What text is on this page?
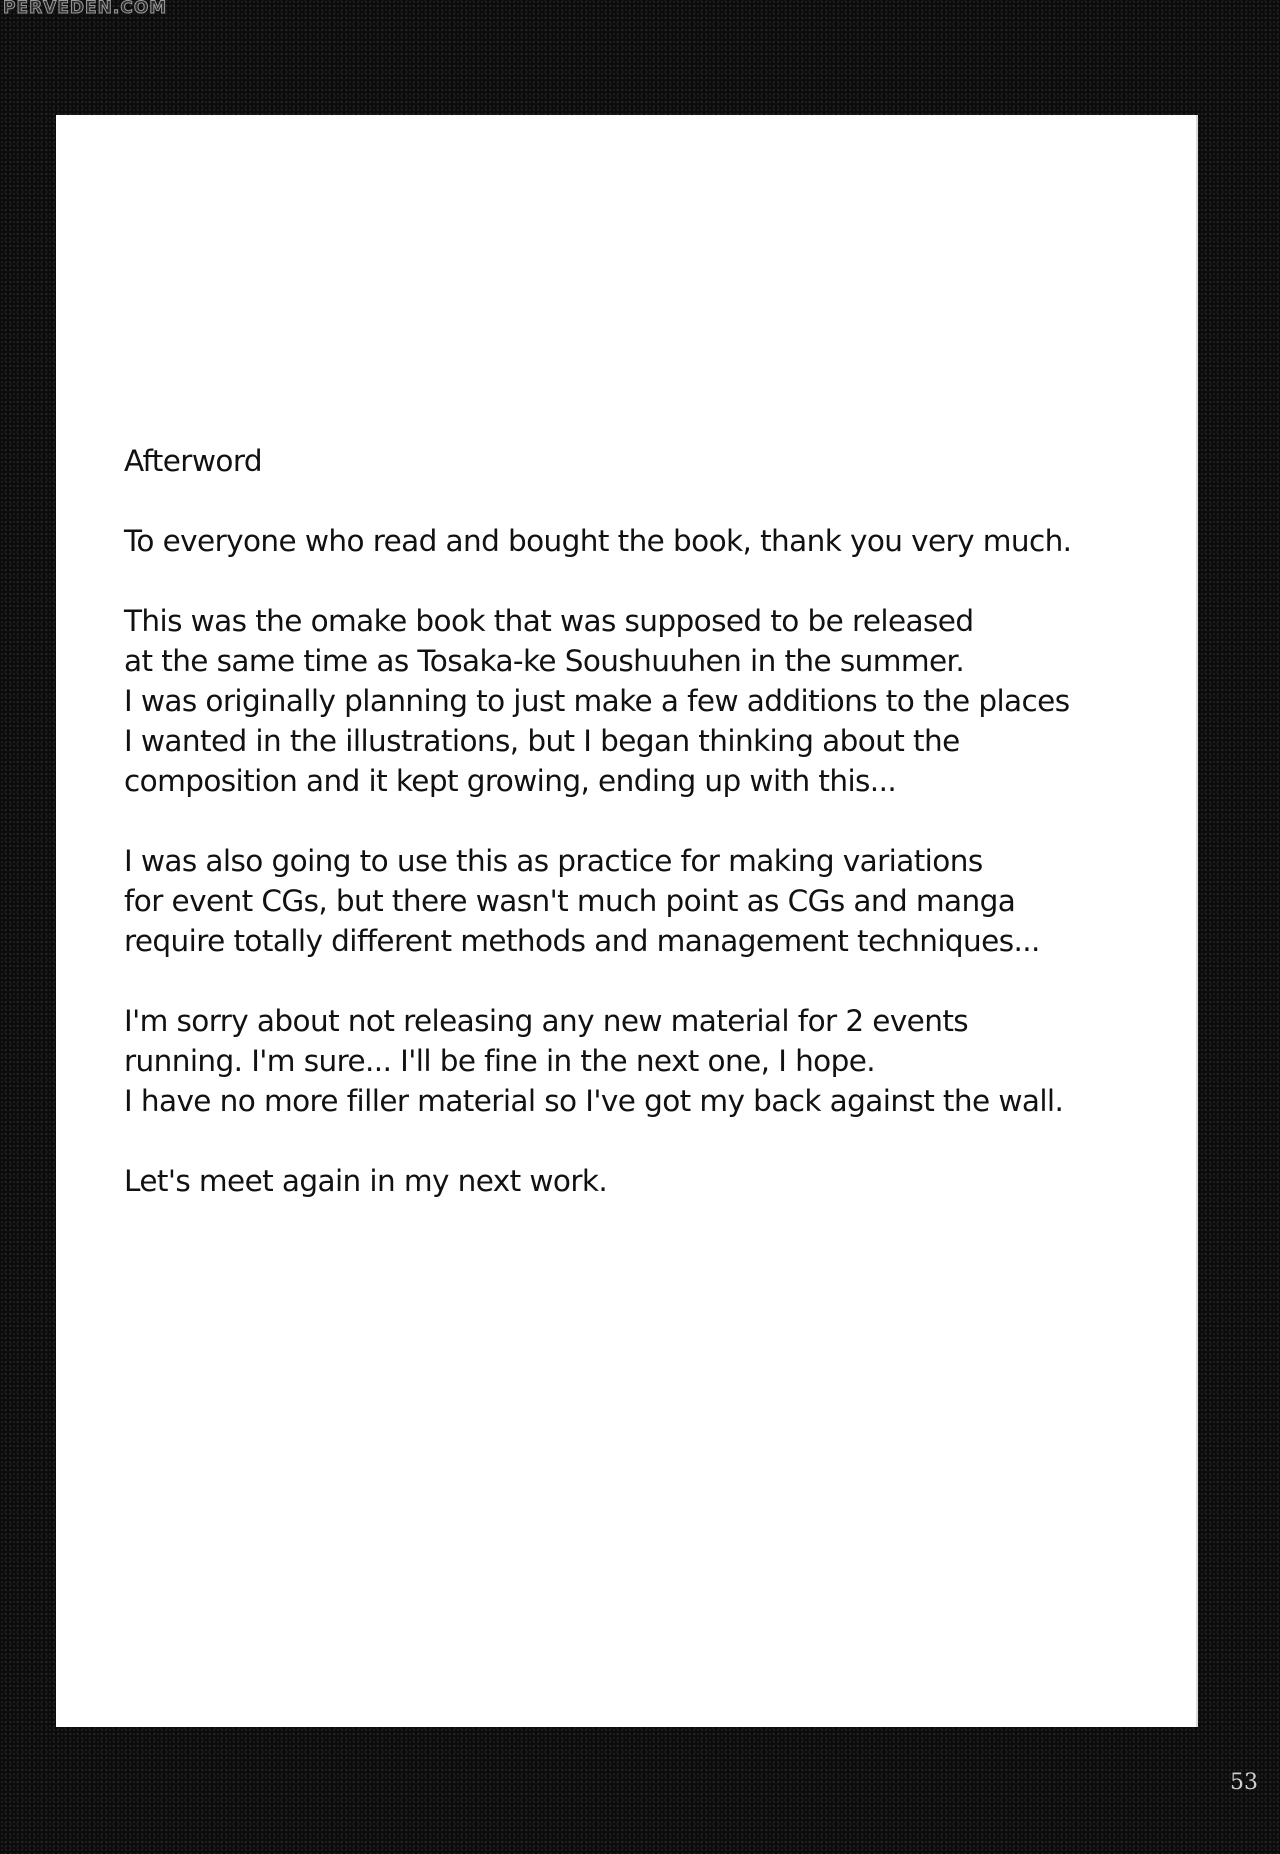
PERVEDEN.COM
Afterword
To everyone who read and bought the book, thank you very much.
This was the omake book that was supposed to be released
at the same time as Tosaka-ke Soushuuhen in the summer.
I was originally planning to just make a few additions to the places
I wanted in the illustrations, but I began thinking about the
composition and it kept growing, ending up with this...
I was also going to use this as practice for making variations
for event CGs, but there wasn't much point as CGs and manga
require totally different methods and management techniques...
I'm sorry about not releasing any new material for 2 events
running. I'm sure... I'll be fine in the next one, I hope.
I have no more filler material so I've got my back against the wall.
Let's meet again in my next work.
53
